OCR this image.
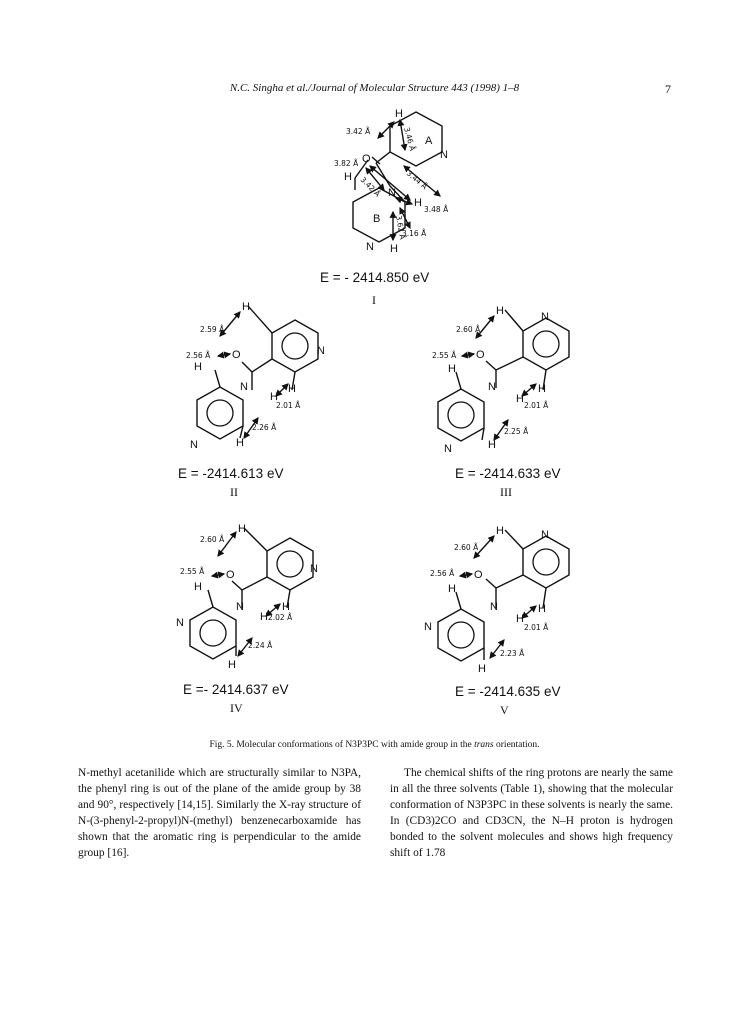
N.C. Singha et al./Journal of Molecular Structure 443 (1998) 1–8	7
H
O
H
N
N
H
N H
A
B
3.42 Å
3.82 Å
3.46 Å
3.44 Å
3.42 Å
3.48 Å
3.62 Å
3.16 Å
E = - 2414.850 eV
I
H
O
H
N
N
H
H
N	H
2.59 Å
2.56 Å
2.01 Å
2.26 Å
E = -2414.613 eV
II
H	N
O
H
N
H
H
N	H
2.60 Å
2.55 Å
2.01 Å
2.25 Å
E = -2414.633 eV
III
H
O
H
N
N
H
H
N
H
2.60 Å
2.55 Å
2.02 Å
2.24 Å
E =- 2414.637 eV
IV
H	N
O
H
N
H
H
N
H
2.60 Å
2.56 Å
2.01 Å
2.23 Å
E = -2414.635 eV
V
Fig. 5. Molecular conformations of N3P3PC with amide group in the trans orientation.

N-methyl acetanilide which are structurally similar to N3PA, the phenyl ring is out of the plane of the amide group by 38 and 90°, respectively [14,15]. Similarly the X-ray structure of N-(3-phenyl-2-propyl)N-(methyl) benzenecarboxamide has shown that the aromatic ring is perpendicular to the amide group [16].

The chemical shifts of the ring protons are nearly the same in all the three solvents (Table 1), showing that the molecular conformation of N3P3PC in these solvents is nearly the same. In (CD3)2CO and CD3CN, the N–H proton is hydrogen bonded to the solvent molecules and shows high frequency shift of 1.78
